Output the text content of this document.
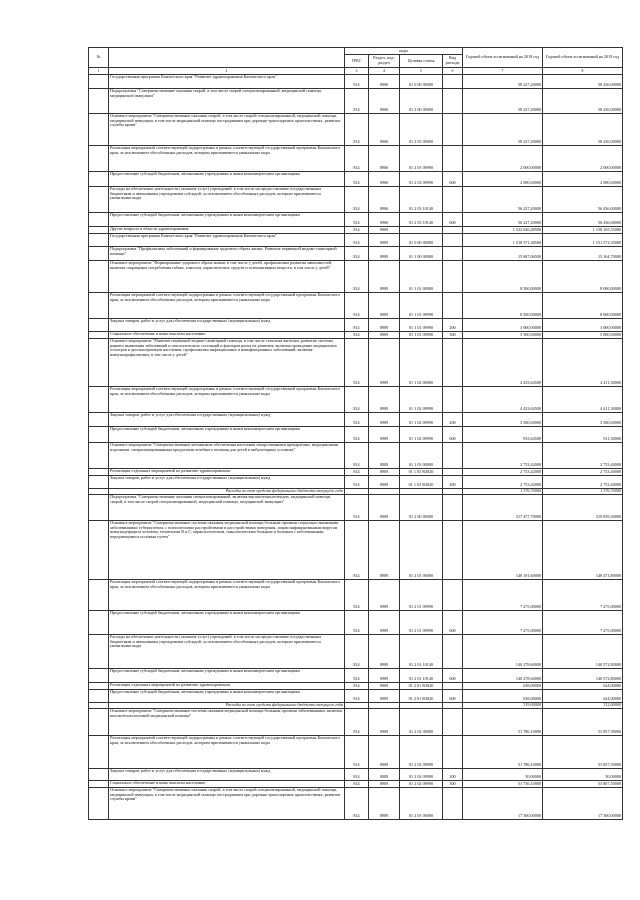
№		коды				Годовой объем ассигнований на 2018 год	Годовой объем ассигнований на 2019 год
		ГРБС	Раздел, под- раздел	Целевая статья	Вид расхода		
1	2	3	4	5	6	7	8
	Государственная программа Камчатского края "Развитие здравоохранения Камчатского края"	814	0906	01 0 00 00000		58 227,20000	58 436,00000
	Подпрограмма "Совершенствование оказания скорой, в том числе скорой специализированной, медицинской помощи, медицинской эвакуации"	814	0906	01 2 00 00000		58 227,20000	58 436,00000
	Основное мероприятие "Совершенствование оказания скорой, в том числе скорой специализированной, медицинской помощи, медицинской эвакуации, в том числе медицинской помощи пострадавшим при дорожно-транспортных происшествиях, развитие службы крови"	814	0906	01 2 03 00000		58 227,20000	58 436,00000
	Реализация мероприятий соответствующей подпрограммы в рамках соответствующей государственной программы Камчатского края, за исключением обособленных расходов, которым присваиваются уникальные коды	814	0906	01 2 03 09990		2 000,00000	2 000,00000
	Предоставление субсидий бюджетным, автономным учреждениям и иным некоммерческим организациям	814	0906	01 2 03 09990	600	2 000,00000	2 000,00000
	Расходы на обеспечение деятельности (оказание услуг) учреждений, в том числе на предоставление государственным бюджетным и автономным учреждениям субсидий, за исключением обособленных расходов, которым присваиваются уникальные коды	814	0906	01 2 03 10140		56 227,20000	56 436,00000
	Предоставление субсидий бюджетным, автономным учреждениям и иным некоммерческим организациям	814	0906	01 2 03 10140	600	56 227,20000	56 436,00000
	Другие вопросы в области здравоохранения	814	0909			1 522 626,48500	1 158 165,55000
	Государственная программа Камчатского края "Развитие здравоохранения Камчатского края"	814	0909	01 0 00 00000		1 518 371,48500	1 151 572,55000
	Подпрограмма "Профилактика заболеваний и формирование здорового образа жизни. Развитие первичной медико-санитарной помощи"	814	0909	01 1 00 00000		15 687,06500	15 164,70000
	Основное мероприятие "Формирование здорового образа жизни, в том числе у детей, профилактика развития зависимостей, включая сокращение потребления табака, алкоголя, наркотических средств и психоактивных веществ, в том числе у детей"	814	0909	01 1 01 00000		8 500,00000	8 000,00000
	Реализация мероприятий соответствующей подпрограммы в рамках соответствующей государственной программы Камчатского края, за исключением обособленных расходов, которым присваиваются уникальные коды	814	0909	01 1 01 09990		8 500,00000	8 000,00000
	Закупка товаров, работ и услуг для обеспечения государственных (муниципальных) нужд	814	0909	01 1 01 09990	200	3 000,00000	3 000,00000
	Социальное обеспечение и иные выплаты населению	814	0909	01 1 01 09990	300	5 500,00000	5 000,00000
	Основное мероприятие "Развитие первичной медико-санитарной помощи, в том числе сельским жителям; развитие системы раннего выявления заболеваний и патологических состояний и факторов риска их развития, включая проведение медицинских осмотров и диспансеризации населения, профилактика инфекционных и неинфекционных заболеваний, включая иммунопрофилактику, в том числе у детей"	814	0909	01 1 02 00000		4 433,64500	4 411,30000
	Реализация мероприятий соответствующей подпрограммы в рамках соответствующей государственной программы Камчатского края, за исключением обособленных расходов, которым присваиваются уникальные коды	814	0909	01 1 02 09990		4 433,64500	4 411,30000
	Закупка товаров, работ и услуг для обеспечения государственных (муниципальных) нужд	814	0909	01 1 02 09990	200	3 500,00000	3 500,00000
	Предоставление субсидий бюджетным, автономным учреждениям и иным некоммерческим организациям	814	0909	01 1 02 09990	600	933,64500	911,30000
	Основное мероприятие "Совершенствование механизмов обеспечения населения лекарственными препаратами, медицинскими изделиями, специализированными продуктами лечебного питания для детей в амбулаторных условиях"	814	0909	01 1 03 00000		2 753,42000	2 753,40000
	Реализация отдельных мероприятий по развитию здравоохранения	814	0909	01 1 03 R3820		2 753,42000	2 753,40000
	Закупка товаров, работ и услуг для обеспечения государственных (муниципальных) нужд	814	0909	01 1 03 R3820	200	2 753,42000	2 753,40000
	Расходы за счет средств федерального бюджета текущего года					1 376,70000	1 376,70000
	Подпрограмма "Совершенствование оказания специализированной, включая высокотехнологичную, медицинской помощи, скорой, в том числе скорой специализированной, медицинской помощи, медицинской эвакуации"	814	0909	01 2 00 00000		217 477,70000	219 839,30000
	Основное мероприятие "Совершенствование системы оказания медицинской помощи больным прочими социально-значимыми заболеваниями: туберкулезом, с психическими расстройствами и расстройствами поведения, лицам инфицированным вирусом иммунодефицита человека, гепатитами В и С, наркологическим, онкологическим больным и больным с заболеваниями, передающимися половым путем"	814	0909	01 2 01 00000		148 191,60000	148 471,80000
	Реализация мероприятий соответствующей подпрограммы в рамках соответствующей государственной программы Камчатского края, за исключением обособленных расходов, которым присваиваются уникальные коды	814	0909	01 2 01 09990		7 275,00000	7 275,00000
	Предоставление субсидий бюджетным, автономным учреждениям и иным некоммерческим организациям	814	0909	01 2 01 09990	600	7 275,00000	7 275,00000
	Расходы на обеспечение деятельности (оказание услуг) учреждений, в том числе на предоставление государственным бюджетным и автономным учреждениям субсидий, за исключением обособленных расходов, которым присваиваются уникальные коды	814	0909	01 2 01 10140		140 278,60000	140 572,80000
	Предоставление субсидий бюджетным, автономным учреждениям и иным некоммерческим организациям	814	0909	01 2 01 10140	600	140 278,60000	140 572,80000
	Реализация отдельных мероприятий по развитию здравоохранения	814	0909	01 2 01 R3820		638,00000	624,00000
	Предоставление субсидий бюджетным, автономным учреждениям и иным некоммерческим организациям	814	0909	01 2 01 R3820	600	638,00000	624,00000
	Расходы за счет средств федерального бюджета текущего года					319,00000	312,00000
	Основное мероприятие "Совершенствование системы оказания медицинской помощи больным прочими заболеваниями, включая высокотехнологичной медицинской помощи"	814	0909	01 2 02 00000		51 786,10000	53 857,50000
	Реализация мероприятий соответствующей подпрограммы в рамках соответствующей государственной программы Камчатского края, за исключением обособленных расходов, которым присваиваются уникальные коды	814	0909	01 2 02 09990		51 786,10000	53 857,50000
	Закупка товаров, работ и услуг для обеспечения государственных (муниципальных) нужд	814	0909	01 2 02 09990	200	50,00000	50,00000
	Социальное обеспечение и иные выплаты населению	814	0909	01 2 02 09990	300	51 736,10000	53 807,50000
	Основное мероприятие "Совершенствование оказания скорой, в том числе скорой специализированной, медицинской помощи, медицинской эвакуации, в том числе медицинской помощи пострадавшим при дорожно-транспортных происшествиях, развитие службы крови"	814	0909	01 2 03 00000		17 500,00000	17 500,00000
